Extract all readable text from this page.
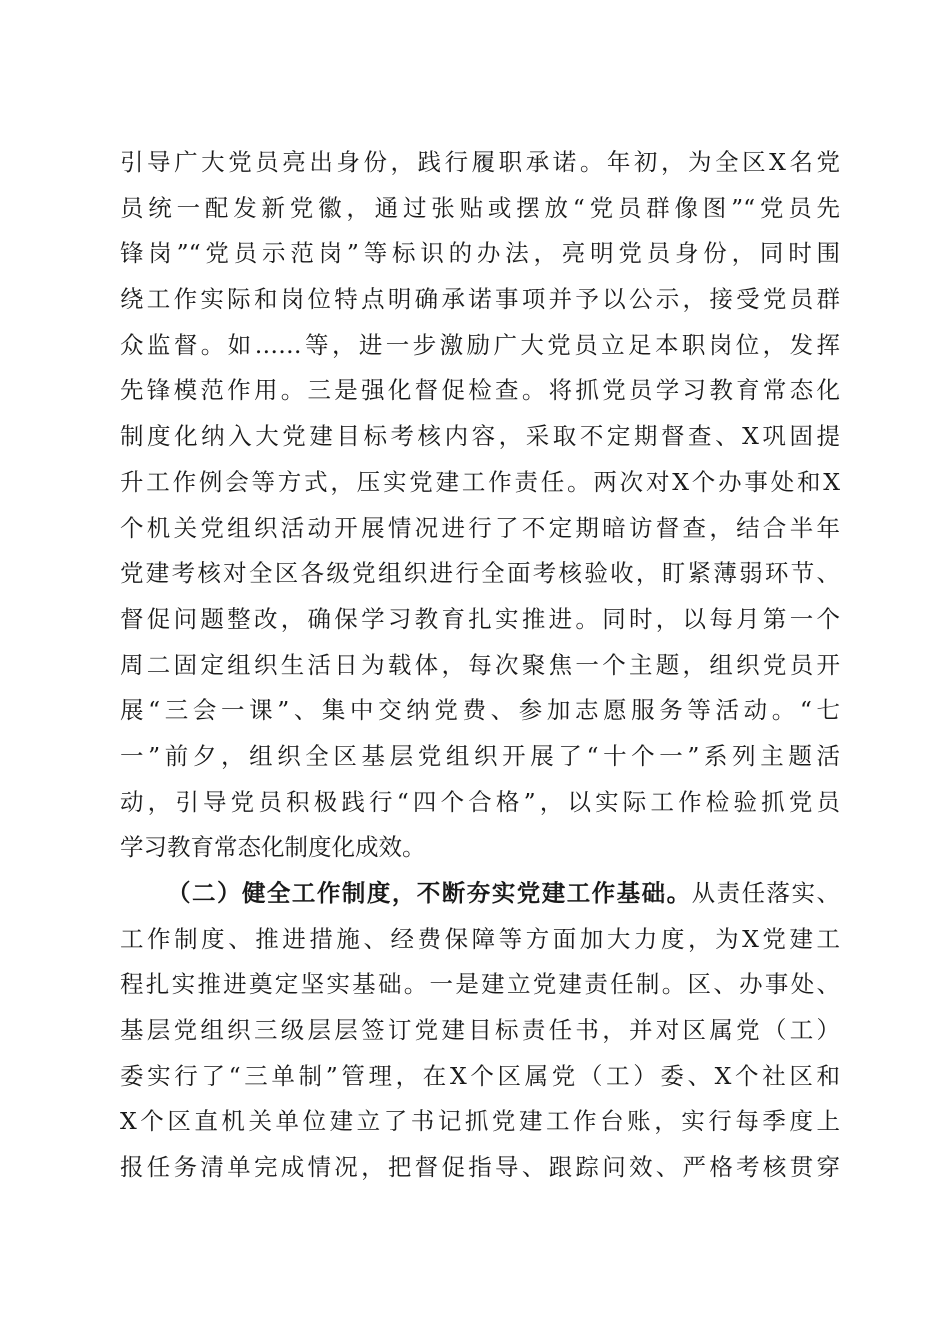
引导广大党员亮出身份，践行履职承诺。年初，为全区X名党
员统一配发新党徽，通过张贴或摆放“党员群像图”“党员先
锋岗”“党员示范岗”等标识的办法，亮明党员身份，同时围
绕工作实际和岗位特点明确承诺事项并予以公示，接受党员群
众监督。如……等，进一步激励广大党员立足本职岗位，发挥
先锋模范作用。三是强化督促检查。将抓党员学习教育常态化
制度化纳入大党建目标考核内容，采取不定期督查、X巩固提
升工作例会等方式，压实党建工作责任。两次对X个办事处和X
个机关党组织活动开展情况进行了不定期暗访督查，结合半年
党建考核对全区各级党组织进行全面考核验收，盯紧薄弱环节、
督促问题整改，确保学习教育扎实推进。同时，以每月第一个
周二固定组织生活日为载体，每次聚焦一个主题，组织党员开
展“三会一课”、集中交纳党费、参加志愿服务等活动。“七
一”前夕，组织全区基层党组织开展了“十个一”系列主题活
动，引导党员积极践行“四个合格”，以实际工作检验抓党员
学习教育常态化制度化成效。
（二）健全工作制度，不断夯实党建工作基础。从责任落实、
工作制度、推进措施、经费保障等方面加大力度，为X党建工
程扎实推进奠定坚实基础。一是建立党建责任制。区、办事处、
基层党组织三级层层签订党建目标责任书，并对区属党（工）
委实行了“三单制”管理，在X个区属党（工）委、X个社区和
X个区直机关单位建立了书记抓党建工作台账，实行每季度上
报任务清单完成情况，把督促指导、跟踪问效、严格考核贯穿
